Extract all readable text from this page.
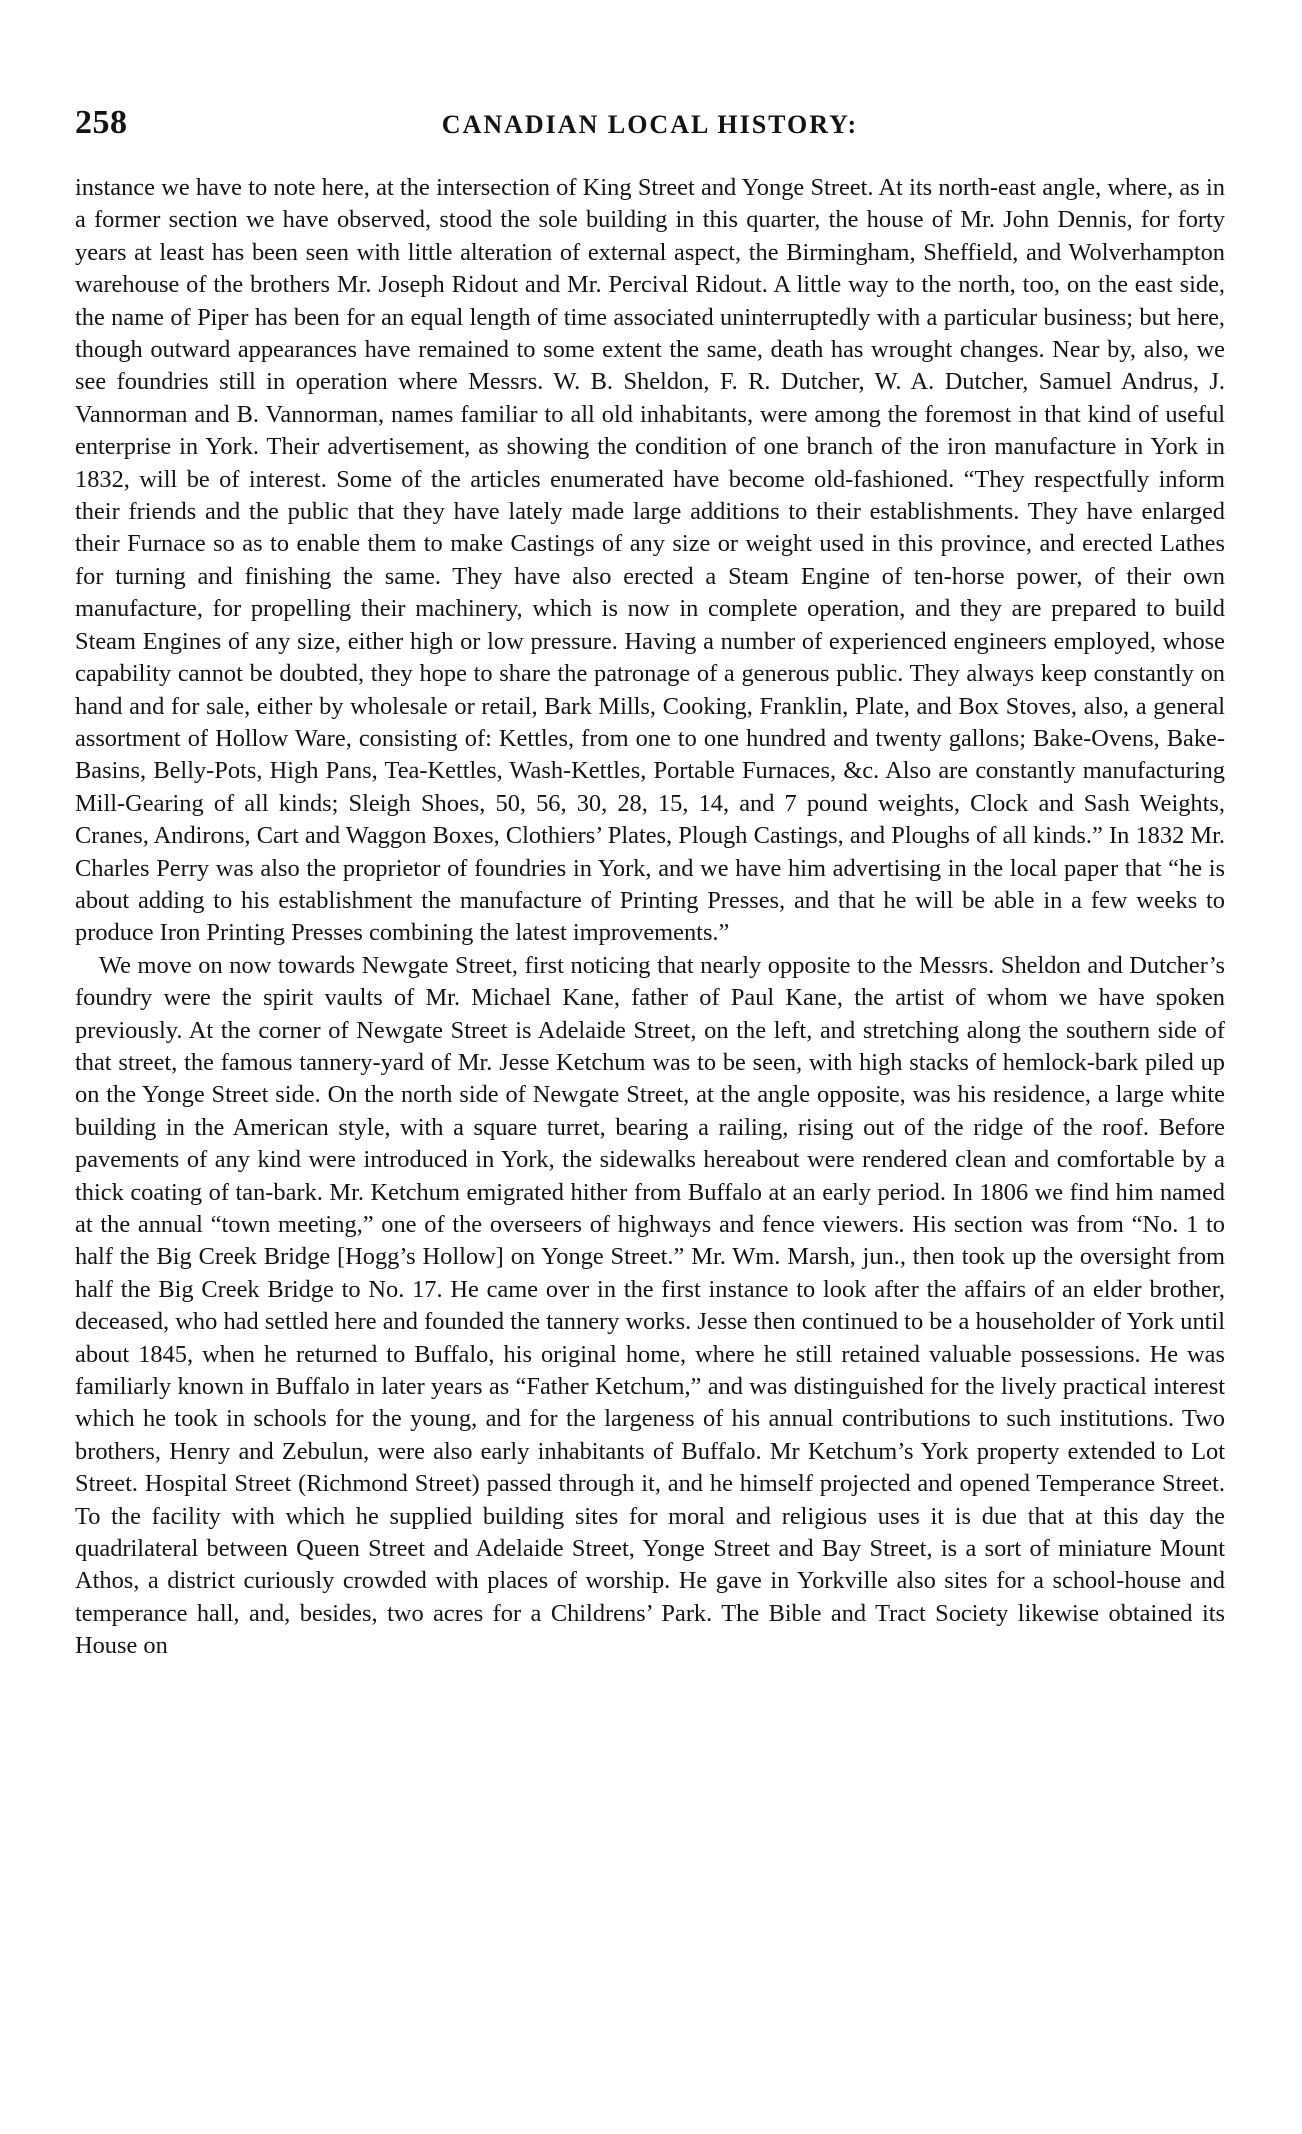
258	CANADIAN LOCAL HISTORY:

instance we have to note here, at the intersection of King Street and Yonge Street. At its north-east angle, where, as in a former section we have observed, stood the sole building in this quarter, the house of Mr. John Dennis, for forty years at least has been seen with little alteration of external aspect, the Birmingham, Sheffield, and Wolverhampton warehouse of the brothers Mr. Joseph Ridout and Mr. Percival Ridout. A little way to the north, too, on the east side, the name of Piper has been for an equal length of time associated uninterruptedly with a particular business; but here, though outward appearances have remained to some extent the same, death has wrought changes. Near by, also, we see foundries still in operation where Messrs. W. B. Sheldon, F. R. Dutcher, W. A. Dutcher, Samuel Andrus, J. Vannorman and B. Vannorman, names familiar to all old inhabitants, were among the foremost in that kind of useful enterprise in York. Their advertisement, as showing the condition of one branch of the iron manufacture in York in 1832, will be of interest. Some of the articles enumerated have become old-fashioned. “They respectfully inform their friends and the public that they have lately made large additions to their establishments. They have enlarged their Furnace so as to enable them to make Castings of any size or weight used in this province, and erected Lathes for turning and finishing the same. They have also erected a Steam Engine of ten-horse power, of their own manufacture, for propelling their machinery, which is now in complete operation, and they are prepared to build Steam Engines of any size, either high or low pressure. Having a number of experienced engineers employed, whose capability cannot be doubted, they hope to share the patronage of a generous public. They always keep constantly on hand and for sale, either by wholesale or retail, Bark Mills, Cooking, Franklin, Plate, and Box Stoves, also, a general assortment of Hollow Ware, consisting of: Kettles, from one to one hundred and twenty gallons; Bake-Ovens, Bake-Basins, Belly-Pots, High Pans, Tea-Kettles, Wash-Kettles, Portable Furnaces, &c. Also are constantly manufacturing Mill-Gearing of all kinds; Sleigh Shoes, 50, 56, 30, 28, 15, 14, and 7 pound weights, Clock and Sash Weights, Cranes, Andirons, Cart and Waggon Boxes, Clothiers’ Plates, Plough Castings, and Ploughs of all kinds.” In 1832 Mr. Charles Perry was also the proprietor of foundries in York, and we have him advertising in the local paper that “he is about adding to his establishment the manufacture of Printing Presses, and that he will be able in a few weeks to produce Iron Printing Presses combining the latest improvements.”

We move on now towards Newgate Street, first noticing that nearly opposite to the Messrs. Sheldon and Dutcher’s foundry were the spirit vaults of Mr. Michael Kane, father of Paul Kane, the artist of whom we have spoken previously. At the corner of Newgate Street is Adelaide Street, on the left, and stretching along the southern side of that street, the famous tannery-yard of Mr. Jesse Ketchum was to be seen, with high stacks of hemlock-bark piled up on the Yonge Street side. On the north side of Newgate Street, at the angle opposite, was his residence, a large white building in the American style, with a square turret, bearing a railing, rising out of the ridge of the roof. Before pavements of any kind were introduced in York, the sidewalks hereabout were rendered clean and comfortable by a thick coating of tan-bark. Mr. Ketchum emigrated hither from Buffalo at an early period. In 1806 we find him named at the annual “town meeting,” one of the overseers of highways and fence viewers. His section was from “No. 1 to half the Big Creek Bridge [Hogg’s Hollow] on Yonge Street.” Mr. Wm. Marsh, jun., then took up the oversight from half the Big Creek Bridge to No. 17. He came over in the first instance to look after the affairs of an elder brother, deceased, who had settled here and founded the tannery works. Jesse then continued to be a householder of York until about 1845, when he returned to Buffalo, his original home, where he still retained valuable possessions. He was familiarly known in Buffalo in later years as “Father Ketchum,” and was distinguished for the lively practical interest which he took in schools for the young, and for the largeness of his annual contributions to such institutions. Two brothers, Henry and Zebulun, were also early inhabitants of Buffalo. Mr Ketchum’s York property extended to Lot Street. Hospital Street (Richmond Street) passed through it, and he himself projected and opened Temperance Street. To the facility with which he supplied building sites for moral and religious uses it is due that at this day the quadrilateral between Queen Street and Adelaide Street, Yonge Street and Bay Street, is a sort of miniature Mount Athos, a district curiously crowded with places of worship. He gave in Yorkville also sites for a school-house and temperance hall, and, besides, two acres for a Childrens’ Park. The Bible and Tract Society likewise obtained its House on
